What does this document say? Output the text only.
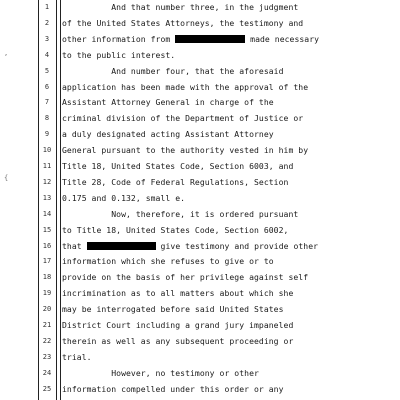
,
{
1
2
3
4
5
6
7
8
9
10
11
12
13
14
15
16
17
18
19
20
21
22
23
24
25
And that number three, in the judgment
of the United States Attorneys, the testimony and
other information from	made necessary
to the public interest.
And number four, that the aforesaid
application has been made with the approval of the
Assistant Attorney General in charge of the
criminal division of the Department of Justice or
a duly designated acting Assistant Attorney
General pursuant to the authority vested in him by
Title 18, United States Code, Section 6003, and
Title 28, Code of Federal Regulations, Section
0.175 and 0.132, small e.
Now, therefore, it is ordered pursuant
to Title 18, United States Code, Section 6002,
that	give testimony and provide other
information which she refuses to give or to
provide on the basis of her privilege against self
incrimination as to all matters about which she
may be interrogated before said United States
District Court including a grand jury impaneled
therein as well as any subsequent proceeding or
trial.
However, no testimony or other
information compelled under this order or any
